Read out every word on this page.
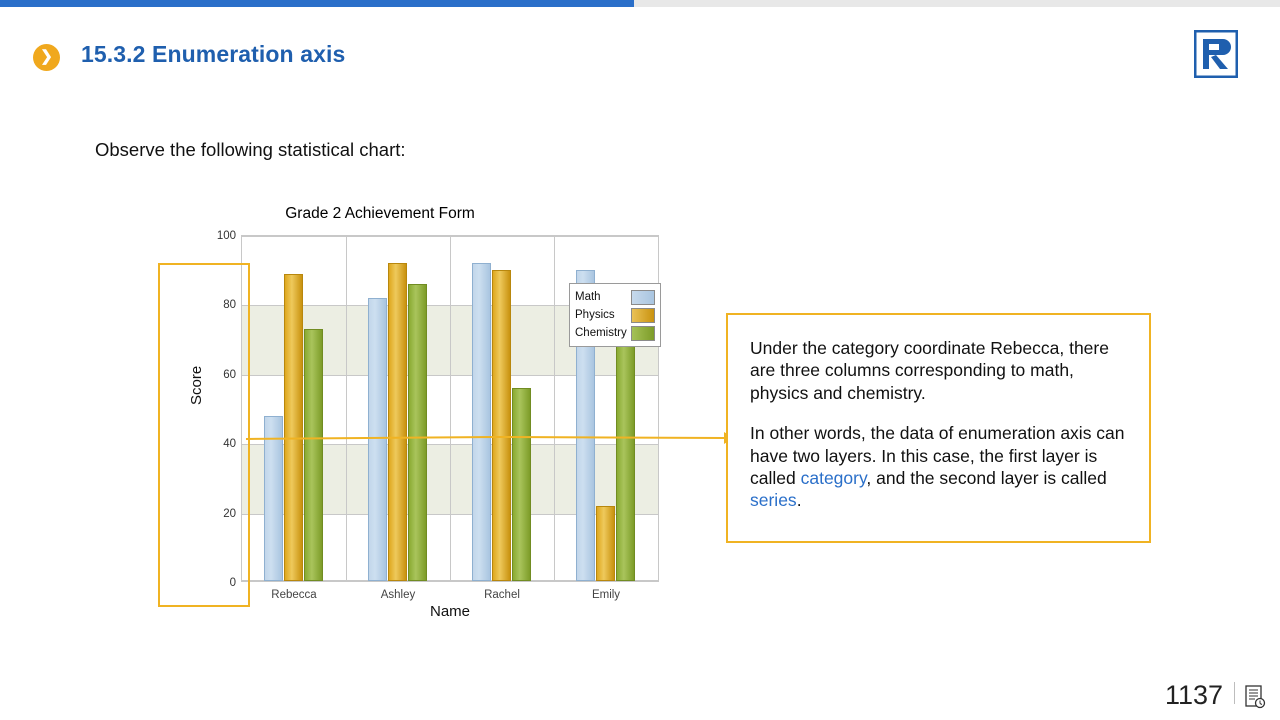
❯	15.3.2 Enumeration axis
Observe the following statistical chart:
Grade 2 Achievement Form
Score
0
20
40
60
80
100
Rebecca	Ashley	Rachel	Emily
Name
Math
Physics
Chemistry

Under the category coordinate Rebecca, there are three columns corresponding to math, physics and chemistry.

In other words, the data of enumeration axis can have two layers. In this case, the first layer is called category, and the second layer is called series.

1137
